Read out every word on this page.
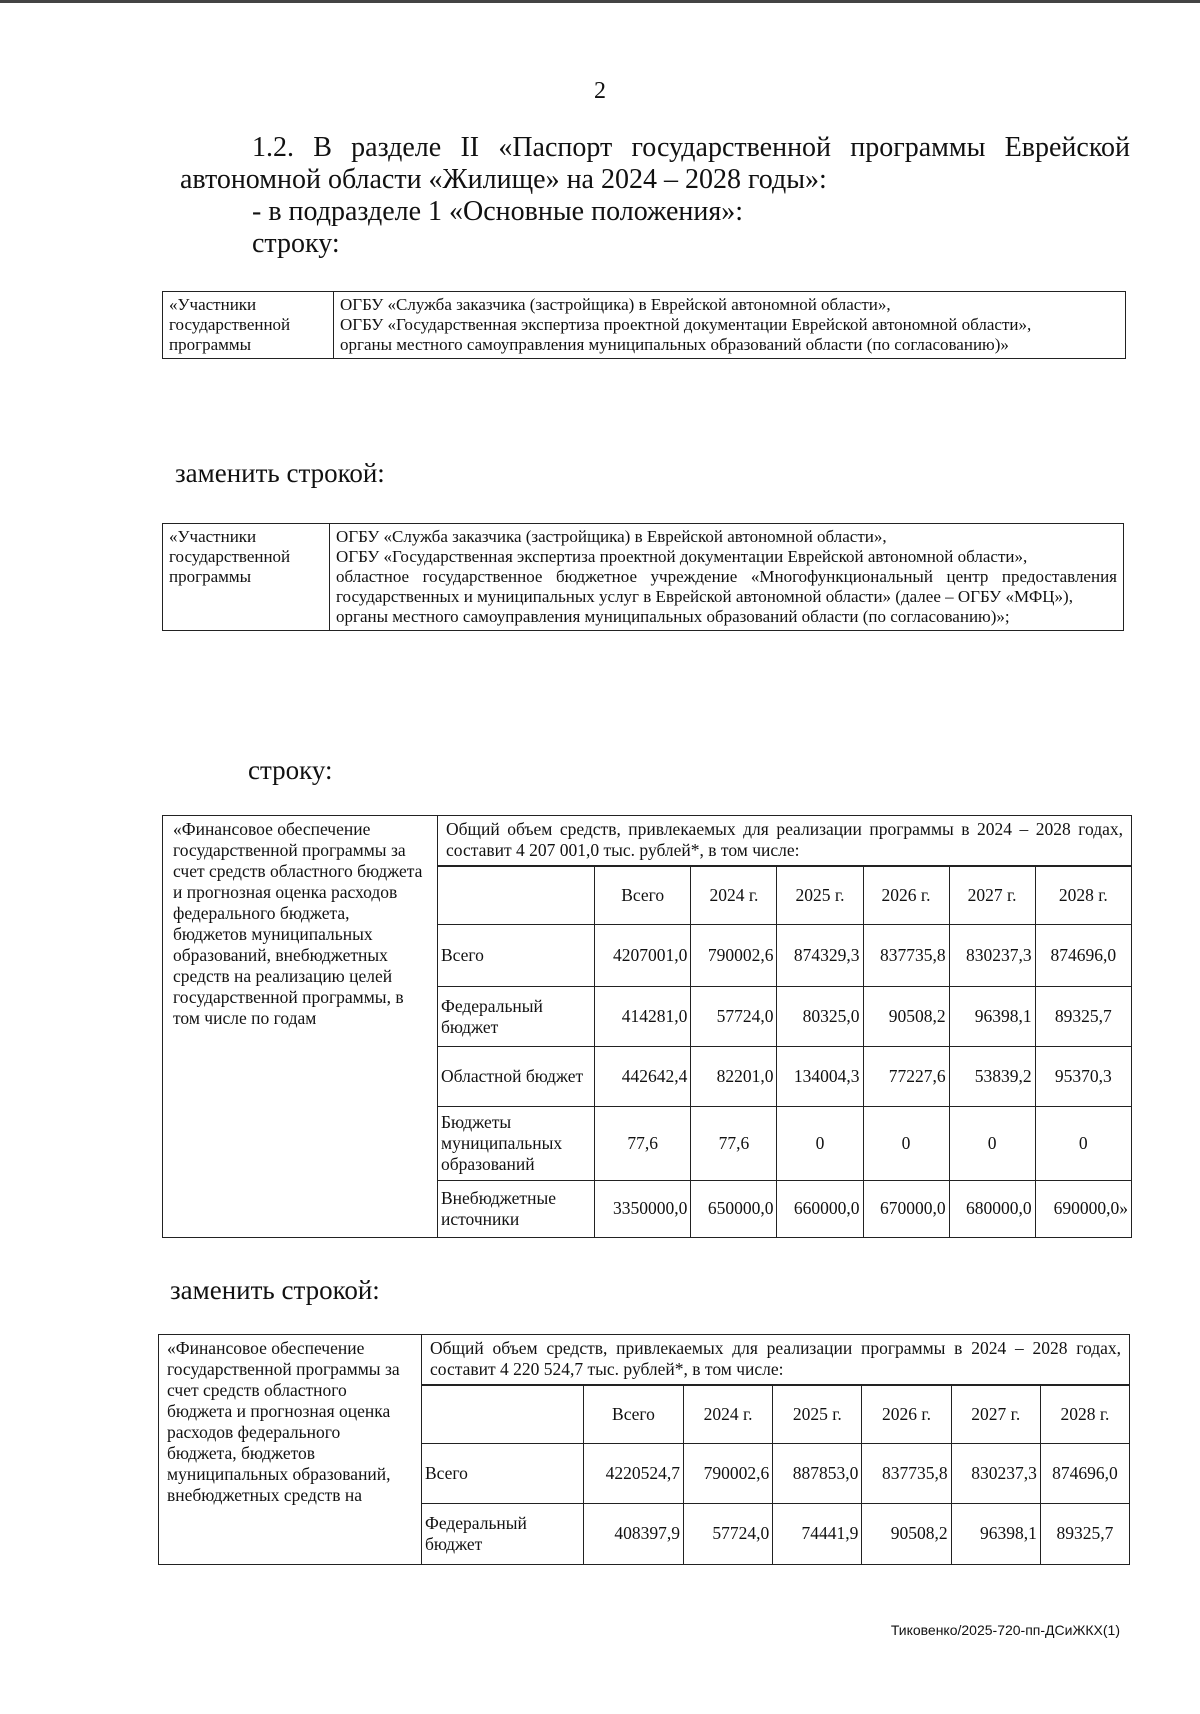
2

1.2. В разделе II «Паспорт государственной программы Еврейской автономной области «Жилище» на 2024 – 2028 годы»:

- в подразделе 1 «Основные положения»:

строку:

«Участники государственной программы	
ОГБУ «Служба заказчика (застройщика) в Еврейской автономной области»,
ОГБУ «Государственная экспертиза проектной документации Еврейской автономной области»,
органы местного самоуправления муниципальных образований области (по согласованию)»
заменить строкой:
«Участники государственной программы	
ОГБУ «Служба заказчика (застройщика) в Еврейской автономной области»,
ОГБУ «Государственная экспертиза проектной документации Еврейской автономной области»,
областное государственное бюджетное учреждение «Многофункциональный центр предоставления государственных и муниципальных услуг в Еврейской автономной области» (далее – ОГБУ «МФЦ»),
органы местного самоуправления муниципальных образований области (по согласованию)»;
строку:
«Финансовое обеспечение государственной программы за счет средств областного бюджета и прогнозная оценка расходов федерального бюджета, бюджетов муниципальных образований, внебюджетных средств на реализацию целей государственной программы, в том числе по годам	
Общий объем средств, привлекаемых для реализации программы в 2024 – 2028 годах, составит 4 207 001,0 тыс. рублей*, в том числе:
	Всего	2024 г.	2025 г.	2026 г.	2027 г.	2028 г.
Всего	4207001,0	790002,6	874329,3	837735,8	830237,3	874696,0
Федеральный бюджет	414281,0	57724,0	80325,0	90508,2	96398,1	89325,7
Областной бюджет	442642,4	82201,0	134004,3	77227,6	53839,2	95370,3
Бюджеты муниципальных образований	77,6	77,6	0	0	0	0
Внебюджетные источники	3350000,0	650000,0	660000,0	670000,0	680000,0	690000,0»
заменить строкой:
«Финансовое обеспечение государственной программы за счет средств областного бюджета и прогнозная оценка расходов федерального бюджета, бюджетов муниципальных образований, внебюджетных средств на	
Общий объем средств, привлекаемых для реализации программы в 2024 – 2028 годах, составит 4 220 524,7 тыс. рублей*, в том числе:
	Всего	2024 г.	2025 г.	2026 г.	2027 г.	2028 г.
Всего	4220524,7	790002,6	887853,0	837735,8	830237,3	874696,0
Федеральный бюджет	408397,9	57724,0	74441,9	90508,2	96398,1	89325,7
Тиковенко/2025-720-пп-ДСиЖКХ(1)
